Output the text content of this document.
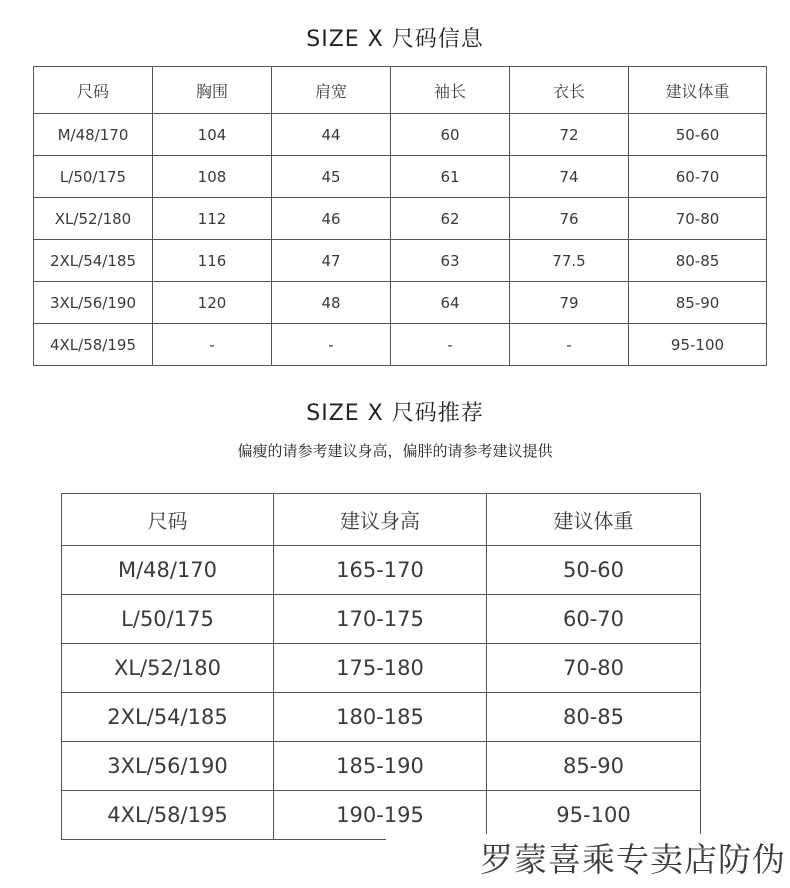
SIZE X 尺码信息
尺码	胸围	肩宽	袖长	衣长	建议体重
M/48/170	104	44	60	72	50-60
L/50/175	108	45	61	74	60-70
XL/52/180	112	46	62	76	70-80
2XL/54/185	116	47	63	77.5	80-85
3XL/56/190	120	48	64	79	85-90
4XL/58/195	-	-	-	-	95-100
SIZE X 尺码推荐
偏瘦的请参考建议身高，偏胖的请参考建议提供
尺码	建议身高	建议体重
M/48/170	165-170	50-60
L/50/175	170-175	60-70
XL/52/180	175-180	70-80
2XL/54/185	180-185	80-85
3XL/56/190	185-190	85-90
4XL/58/195	190-195	95-100
罗蒙喜乘专卖店防伪
